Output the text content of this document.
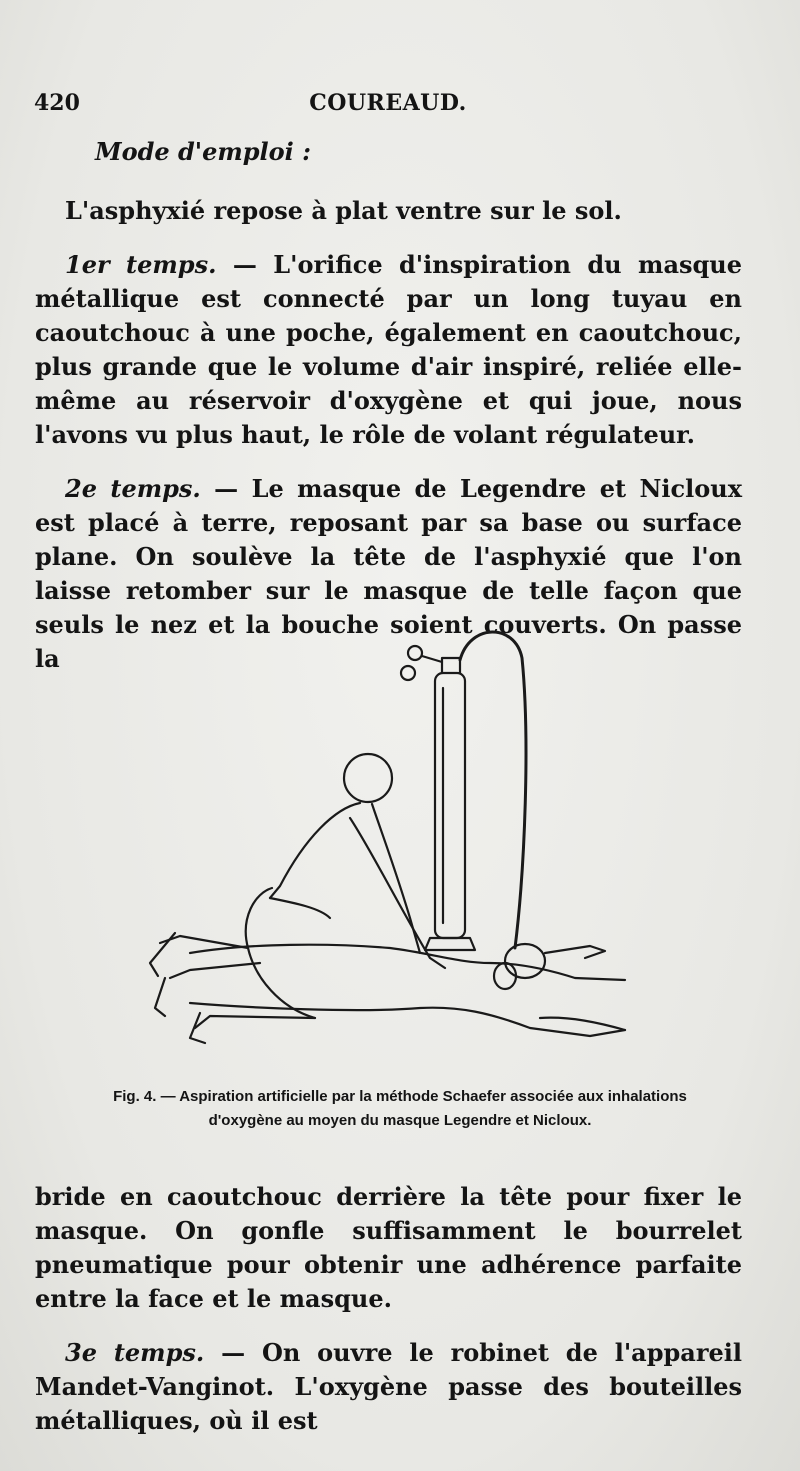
420	COUREAUD.
Mode d'emploi :

L'asphyxié repose à plat ventre sur le sol.

1er temps. — L'orifice d'inspiration du masque métallique est connecté par un long tuyau en caoutchouc à une poche, également en caoutchouc, plus grande que le volume d'air inspiré, reliée elle-même au réservoir d'oxygène et qui joue, nous l'avons vu plus haut, le rôle de volant régulateur.

2e temps. — Le masque de Legendre et Nicloux est placé à terre, reposant par sa base ou surface plane. On soulève la tête de l'asphyxié que l'on laisse retomber sur le masque de telle façon que seuls le nez et la bouche soient couverts. On passe la

Fig. 4. — Aspiration artificielle par la méthode Schaefer associée aux inhalations
d'oxygène au moyen du masque Legendre et Nicloux.

bride en caoutchouc derrière la tête pour fixer le masque. On gonfle suffisamment le bourrelet pneumatique pour obtenir une adhérence parfaite entre la face et le masque.

3e temps. — On ouvre le robinet de l'appareil Mandet-Vanginot. L'oxygène passe des bouteilles métalliques, où il est
